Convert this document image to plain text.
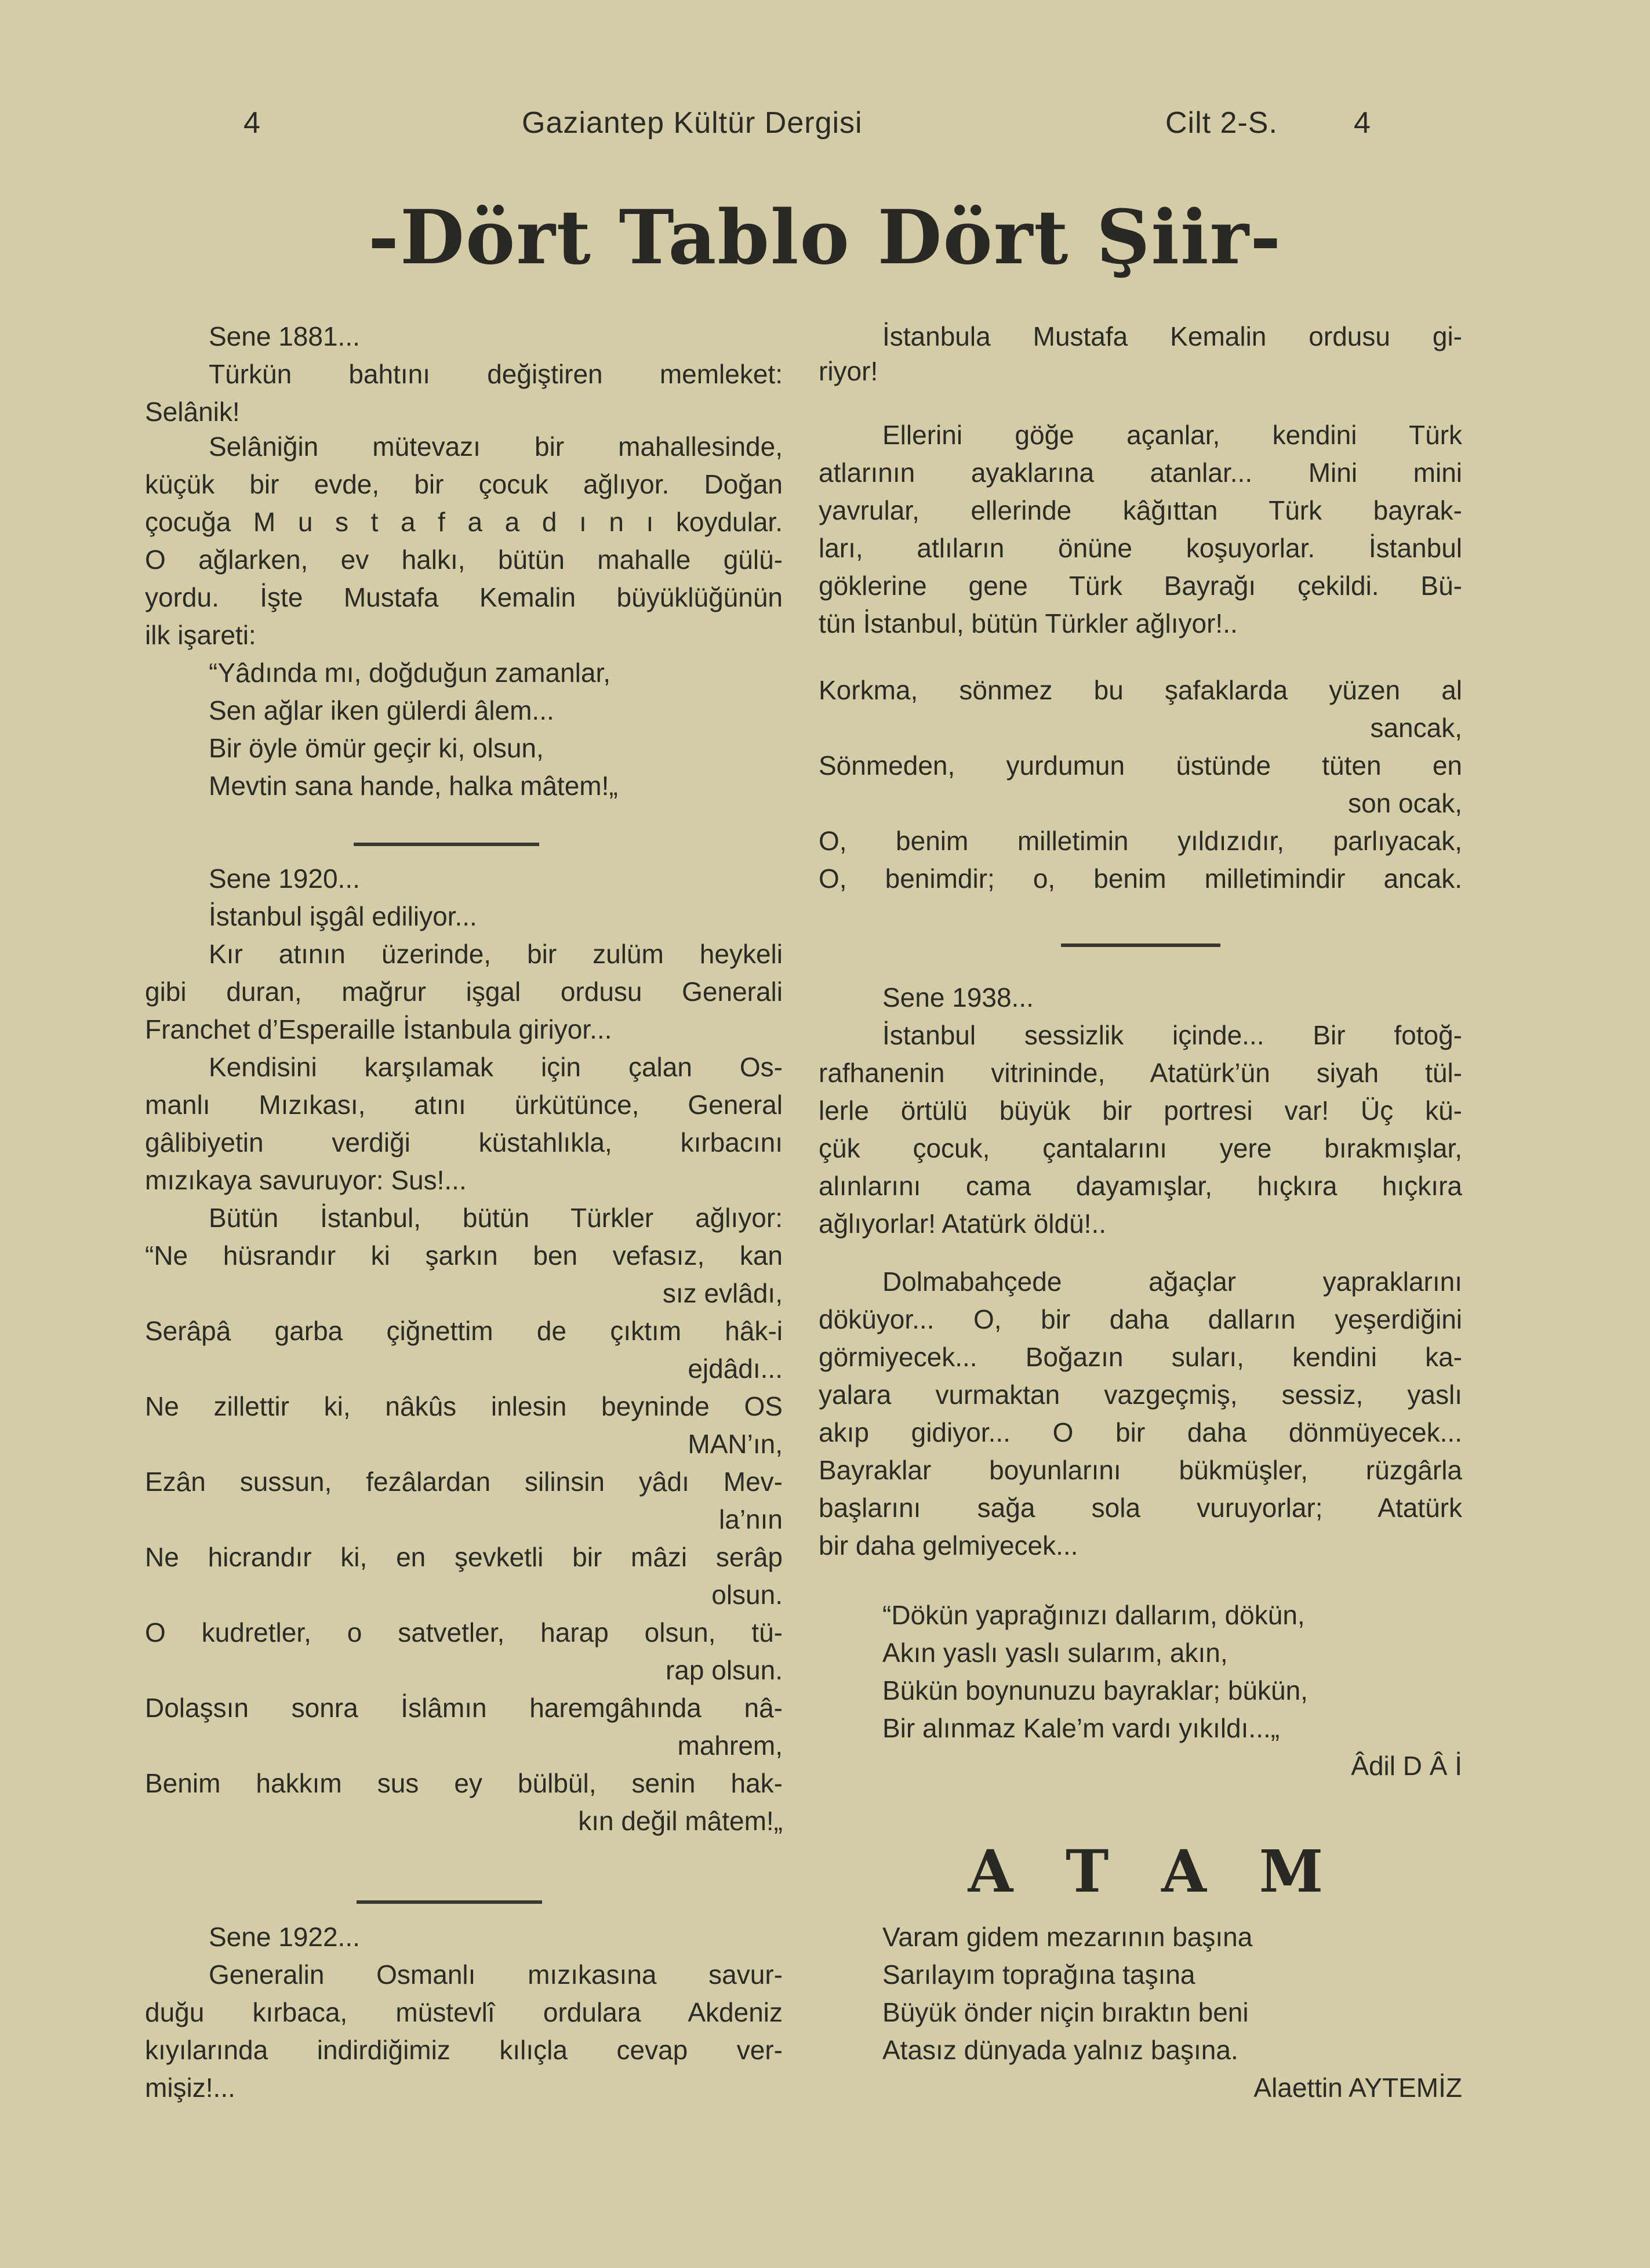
4	Gaziantep Kültür Dergisi	Cilt 2-S.	4
-Dört Tablo Dört Şiir-
Sene 1881...
Türkün bahtını değiştiren memleket:
Selânik!
Selâniğin mütevazı bir mahallesinde,
küçük bir evde, bir çocuk ağlıyor. Doğan
çocuğa M u s t a f a a d ı n ı koydular.
O ağlarken, ev halkı, bütün mahalle gülü-
yordu. İşte Mustafa Kemalin büyüklüğünün
ilk işareti:
“Yâdında mı, doğduğun zamanlar,
Sen ağlar iken gülerdi âlem...
Bir öyle ömür geçir ki, olsun,
Mevtin sana hande, halka mâtem!„
Sene 1920...
İstanbul işgâl ediliyor...
Kır atının üzerinde, bir zulüm heykeli
gibi duran, mağrur işgal ordusu Generali
Franchet d’Esperaille İstanbula giriyor...
Kendisini karşılamak için çalan Os-
manlı Mızıkası, atını ürkütünce, General
gâlibiyetin verdiği küstahlıkla, kırbacını
mızıkaya savuruyor: Sus!...
Bütün İstanbul, bütün Türkler ağlıyor:
“Ne hüsrandır ki şarkın ben vefasız, kan
sız evlâdı,
Serâpâ garba çiğnettim de çıktım hâk-i
ejdâdı...
Ne zillettir ki, nâkûs inlesin beyninde OS
MAN’ın,
Ezân sussun, fezâlardan silinsin yâdı Mev-
la’nın
Ne hicrandır ki, en şevketli bir mâzi serâp
olsun.
O kudretler, o satvetler, harap olsun, tü-
rap olsun.
Dolaşsın sonra İslâmın haremgâhında nâ-
mahrem,
Benim hakkım sus ey bülbül, senin hak-
kın değil mâtem!„
Sene 1922...
Generalin Osmanlı mızıkasına savur-
duğu kırbaca, müstevlî ordulara Akdeniz
kıyılarında indirdiğimiz kılıçla cevap ver-
mişiz!...
İstanbula Mustafa Kemalin ordusu gi-
riyor!
Ellerini göğe açanlar, kendini Türk
atlarının ayaklarına atanlar... Mini mini
yavrular, ellerinde kâğıttan Türk bayrak-
ları, atlıların önüne koşuyorlar. İstanbul
göklerine gene Türk Bayrağı çekildi. Bü-
tün İstanbul, bütün Türkler ağlıyor!..
Korkma, sönmez bu şafaklarda yüzen al
sancak,
Sönmeden, yurdumun üstünde tüten en
son ocak,
O, benim milletimin yıldızıdır, parlıyacak,
O, benimdir; o, benim milletimindir ancak.
Sene 1938...
İstanbul sessizlik içinde... Bir fotoğ-
rafhanenin vitrininde, Atatürk’ün siyah tül-
lerle örtülü büyük bir portresi var! Üç kü-
çük çocuk, çantalarını yere bırakmışlar,
alınlarını cama dayamışlar, hıçkıra hıçkıra
ağlıyorlar! Atatürk öldü!..
Dolmabahçede ağaçlar yapraklarını
döküyor... O, bir daha dalların yeşerdiğini
görmiyecek... Boğazın suları, kendini ka-
yalara vurmaktan vazgeçmiş, sessiz, yaslı
akıp gidiyor... O bir daha dönmüyecek...
Bayraklar boyunlarını bükmüşler, rüzgârla
başlarını sağa sola vuruyorlar; Atatürk
bir daha gelmiyecek...
“Dökün yaprağınızı dallarım, dökün,
Akın yaslı yaslı sularım, akın,
Bükün boynunuzu bayraklar; bükün,
Bir alınmaz Kale’m vardı yıkıldı...„
Âdil D Â İ
Varam gidem mezarının başına
Sarılayım toprağına taşına
Büyük önder niçin bıraktın beni
Atasız dünyada yalnız başına.
Alaettin AYTEMİZ
A T A M
